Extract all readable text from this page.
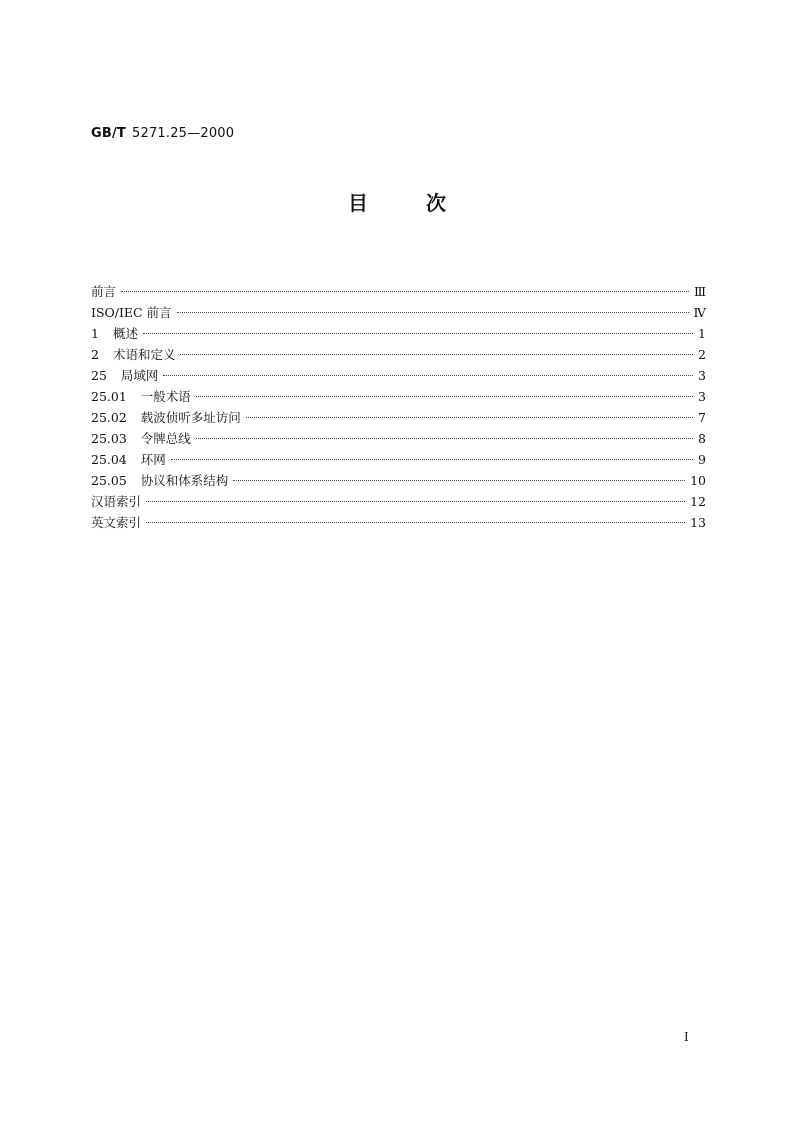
GB/T 5271.25—2000
目次
前言	Ⅲ
ISO/IEC 前言	Ⅳ
1 概述	1
2 术语和定义	2
25 局域网	3
25.01 一般术语	3
25.02 载波侦听多址访问	7
25.03 令牌总线	8
25.04 环网	9
25.05 协议和体系结构	10
汉语索引	12
英文索引	13
I
